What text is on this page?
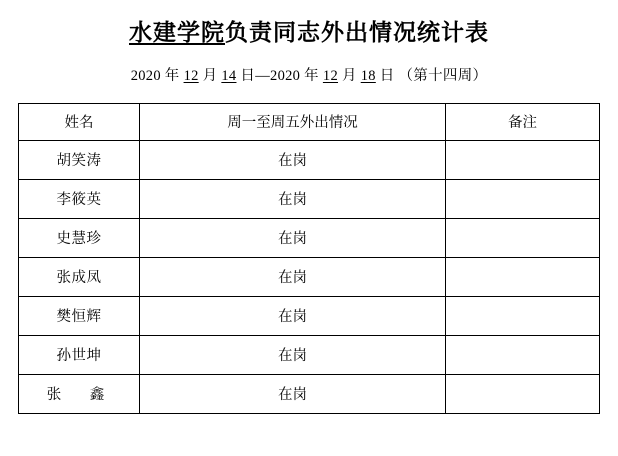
水建学院负责同志外出情况统计表
2020 年 12 月 14 日—2020 年 12 月 18 日 （第十四周）
姓名	周一至周五外出情况	备注
胡笑涛	在岗	
李筱英	在岗	
史慧珍	在岗	
张成凤	在岗	
樊恒辉	在岗	
孙世坤	在岗	
张　鑫	在岗	
